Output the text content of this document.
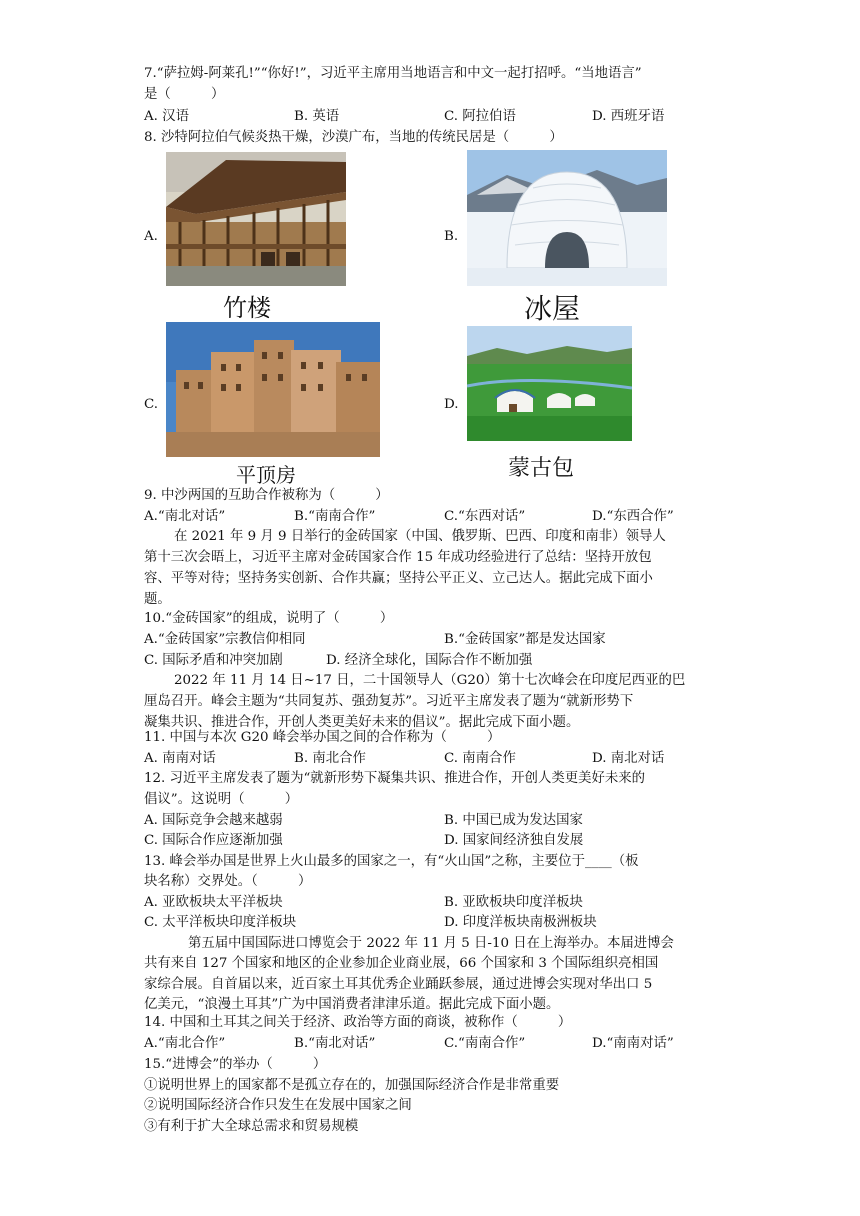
7.“萨拉姆-阿莱孔!”“你好!”，习近平主席用当地语言和中文一起打招呼。“当地语言”
是（　　　）
A. 汉语	B. 英语	C. 阿拉伯语	D. 西班牙语
8. 沙特阿拉伯气候炎热干燥，沙漠广布，当地的传统民居是（　　　）
A.
竹楼
B.
冰屋
C.
平顶房
D.
蒙古包
9. 中沙两国的互助合作被称为（　　　）
A.“南北对话”	B.“南南合作”	C.“东西对话”	D.“东西合作”
在 2021 年 9 月 9 日举行的金砖国家（中国、俄罗斯、巴西、印度和南非）领导人
第十三次会晤上，习近平主席对金砖国家合作 15 年成功经验进行了总结：坚持开放包
容、平等对待；坚持务实创新、合作共赢；坚持公平正义、立己达人。据此完成下面小
题。
10.“金砖国家”的组成，说明了（　　　）
A.“金砖国家”宗教信仰相同	B.“金砖国家”都是发达国家
C. 国际矛盾和冲突加剧	D. 经济全球化，国际合作不断加强
2022 年 11 月 14 日~17 日，二十国领导人（G20）第十七次峰会在印度尼西亚的巴
厘岛召开。峰会主题为“共同复苏、强劲复苏”。习近平主席发表了题为“就新形势下
凝集共识、推进合作，开创人类更美好未来的倡议”。据此完成下面小题。
11. 中国与本次 G20 峰会举办国之间的合作称为（　　　）
A. 南南对话	B. 南北合作	C. 南南合作	D. 南北对话
12. 习近平主席发表了题为“就新形势下凝集共识、推进合作，开创人类更美好未来的
倡议”。这说明（　　　）
A. 国际竞争会越来越弱	B. 中国已成为发达国家
C. 国际合作应逐渐加强	D. 国家间经济独自发展
13. 峰会举办国是世界上火山最多的国家之一，有“火山国”之称，主要位于____（板
块名称）交界处。（　　　）
A. 亚欧板块太平洋板块	B. 亚欧板块印度洋板块
C. 太平洋板块印度洋板块	D. 印度洋板块南极洲板块
第五届中国国际进口博览会于 2022 年 11 月 5 日-10 日在上海举办。本届进博会
共有来自 127 个国家和地区的企业参加企业商业展，66 个国家和 3 个国际组织亮相国
家综合展。自首届以来，近百家土耳其优秀企业踊跃参展，通过进博会实现对华出口 5
亿美元，“浪漫土耳其”广为中国消费者津津乐道。据此完成下面小题。
14. 中国和土耳其之间关于经济、政治等方面的商谈，被称作（　　　）
A.“南北合作”	B.“南北对话”	C.“南南合作”	D.“南南对话”
15.“进博会”的举办（　　　）
①说明世界上的国家都不是孤立存在的，加强国际经济合作是非常重要
②说明国际经济合作只发生在发展中国家之间
③有利于扩大全球总需求和贸易规模
